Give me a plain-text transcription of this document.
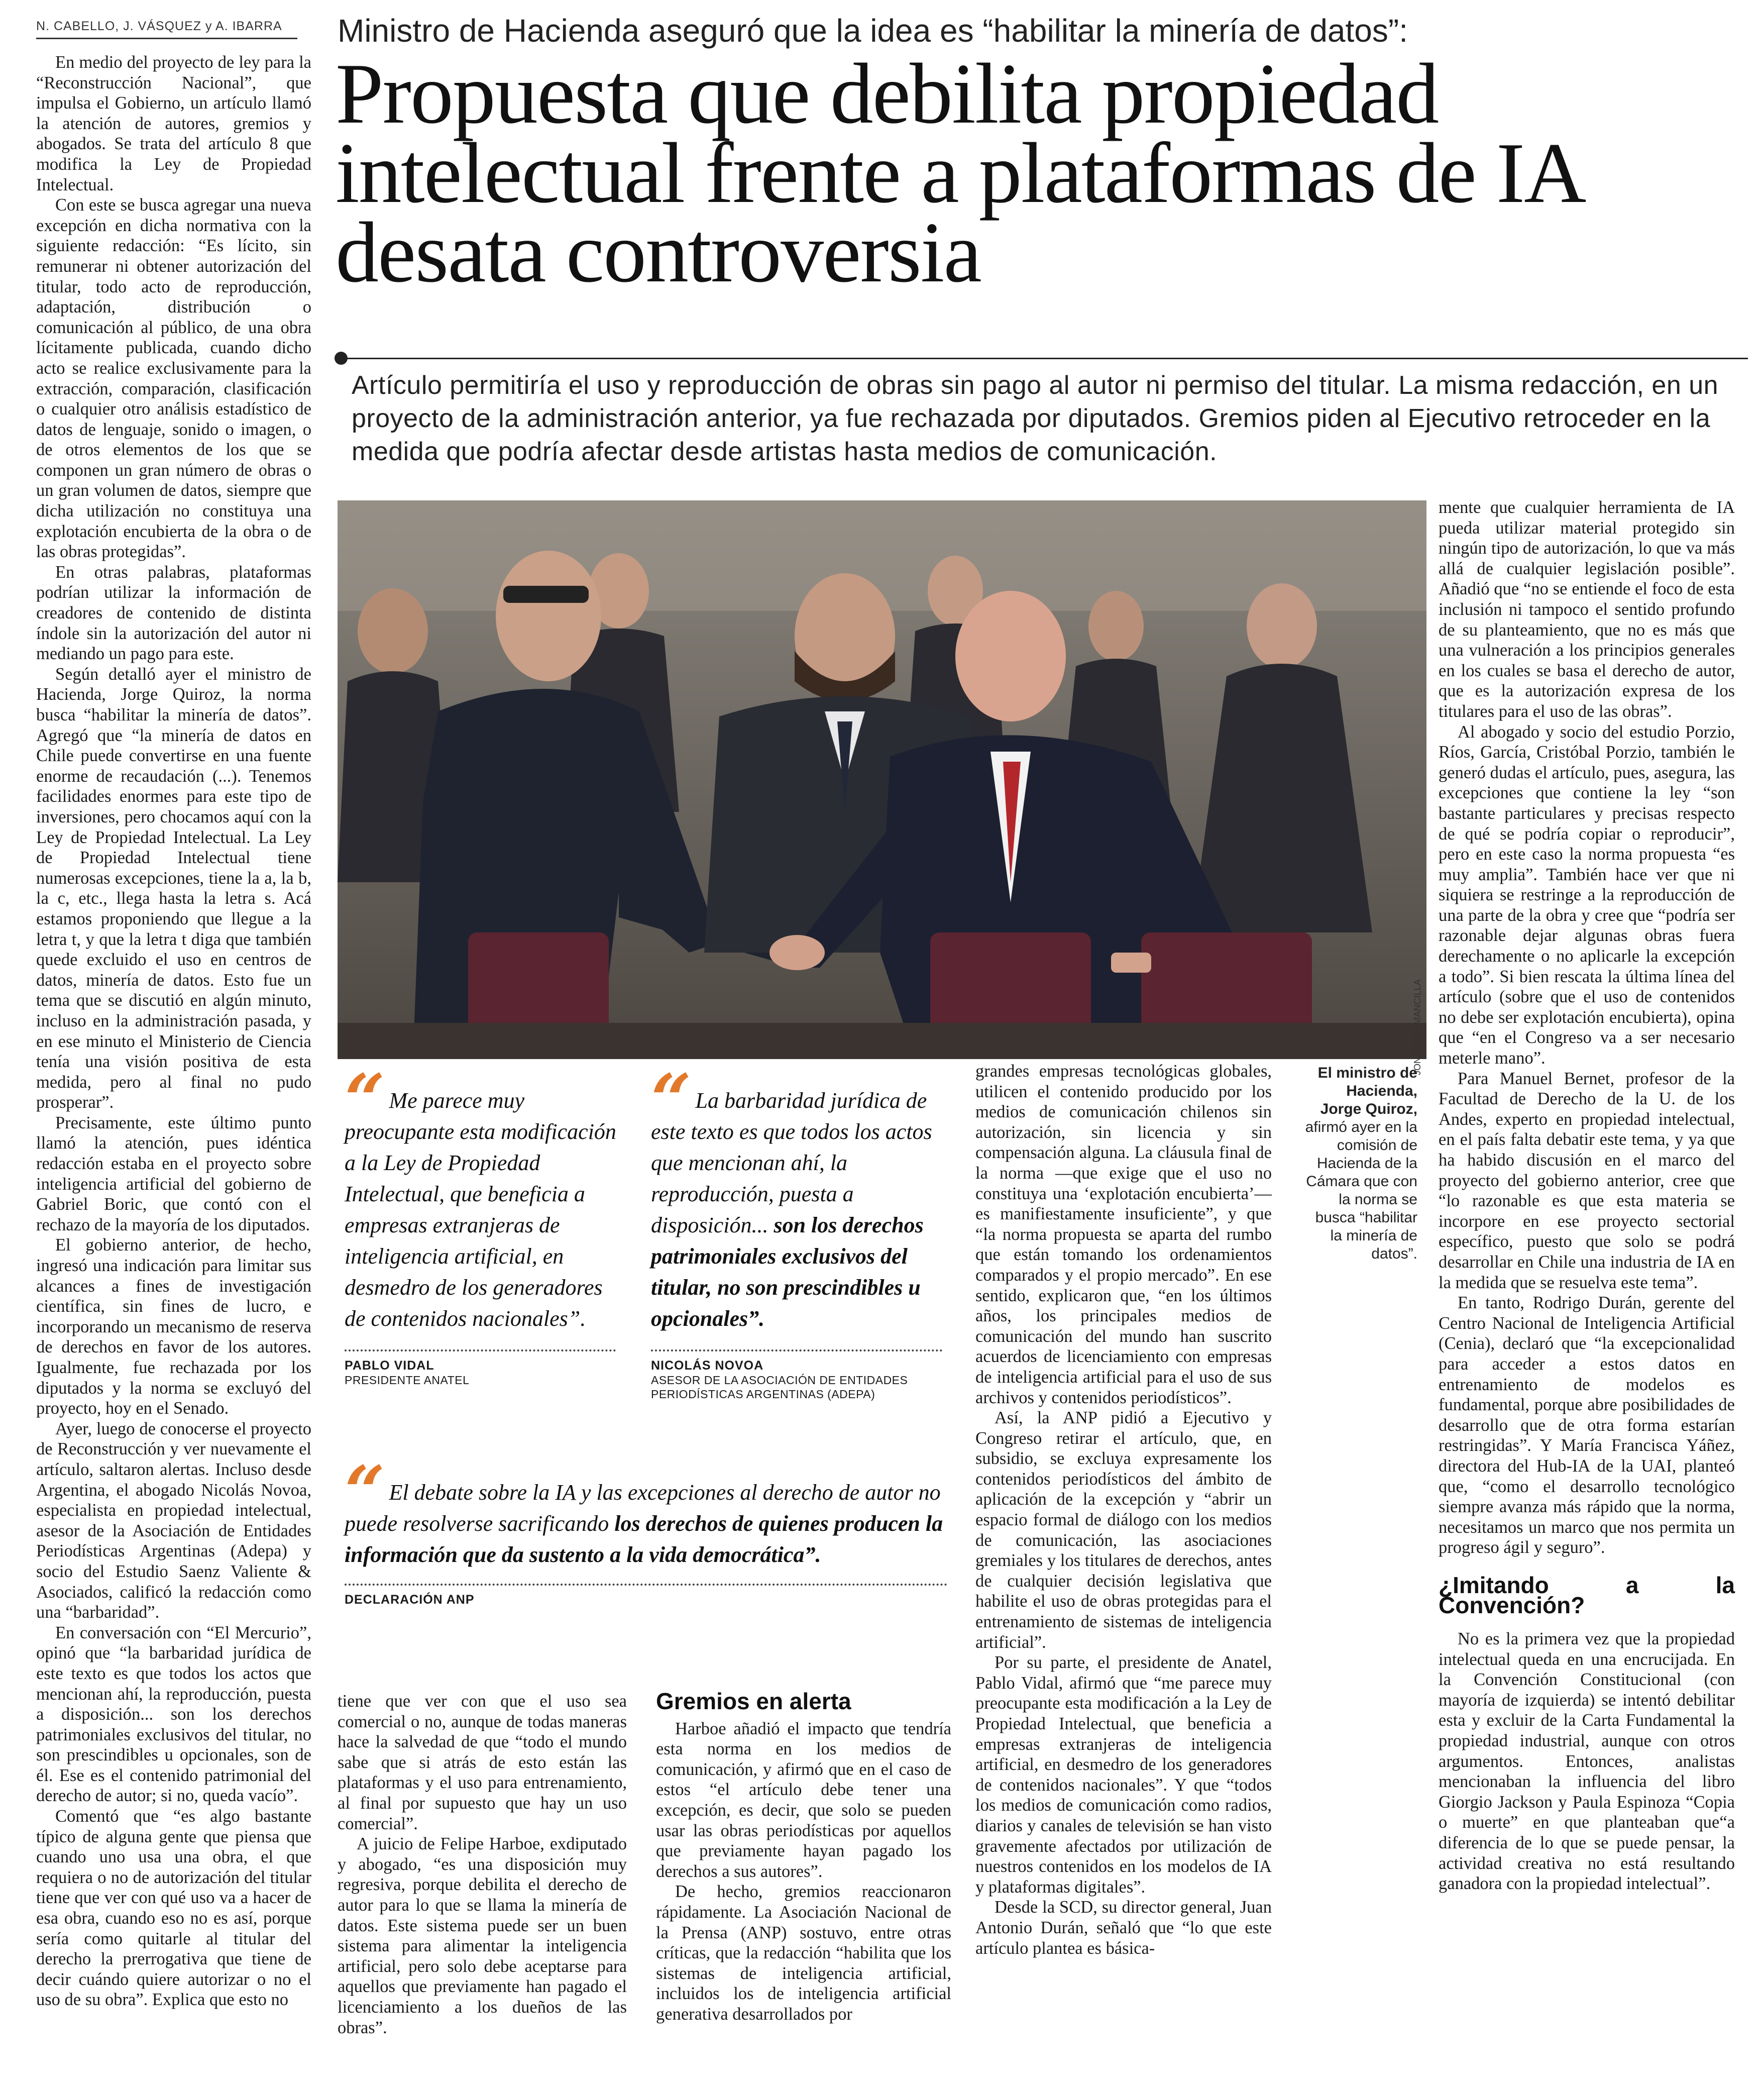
N. CABELLO, J. VÁSQUEZ y A. IBARRA	Ministro de Hacienda aseguró que la idea es “habilitar la minería de datos”:
Propuesta que debilita propiedad intelectual frente a plataformas de IA desata controversia
Artículo permitiría el uso y reproducción de obras sin pago al autor ni permiso del titular. La misma redacción, en un proyecto de la administración anterior, ya fue rechazada por diputados. Gremios piden al Ejecutivo retroceder en la medida que podría afectar desde artistas hasta medios de comunicación.

En medio del proyecto de ley para la “Reconstrucción Nacional”, que impulsa el Gobierno, un artículo llamó la atención de autores, gremios y abogados. Se trata del artículo 8 que modifica la Ley de Propiedad Intelectual.

Con este se busca agregar una nueva excepción en dicha normativa con la siguiente redacción: “Es lícito, sin remunerar ni obtener autorización del titular, todo acto de reproducción, adaptación, distribución o comunicación al público, de una obra lícitamente publicada, cuando dicho acto se realice exclusivamente para la extracción, comparación, clasificación o cualquier otro análisis estadístico de datos de lenguaje, sonido o imagen, o de otros elementos de los que se componen un gran número de obras o un gran volumen de datos, siempre que dicha utilización no constituya una explotación encubierta de la obra o de las obras protegidas”.

En otras palabras, plataformas podrían utilizar la información de creadores de contenido de distinta índole sin la autorización del autor ni mediando un pago para este.

Según detalló ayer el ministro de Hacienda, Jorge Quiroz, la norma busca “habilitar la minería de datos”. Agregó que “la minería de datos en Chile puede convertirse en una fuente enorme de recaudación (...). Tenemos facilidades enormes para este tipo de inversiones, pero chocamos aquí con la Ley de Propiedad Intelectual. La Ley de Propiedad Intelectual tiene numerosas excepciones, tiene la a, la b, la c, etc., llega hasta la letra s. Acá estamos proponiendo que llegue a la letra t, y que la letra t diga que también quede excluido el uso en centros de datos, minería de datos. Esto fue un tema que se discutió en algún minuto, incluso en la administración pasada, y en ese minuto el Ministerio de Ciencia tenía una visión positiva de esta medida, pero al final no pudo prosperar”.

Precisamente, este último punto llamó la atención, pues idéntica redacción estaba en el proyecto sobre inteligencia artificial del gobierno de Gabriel Boric, que contó con el rechazo de la mayoría de los diputados.

El gobierno anterior, de hecho, ingresó una indicación para limitar sus alcances a fines de investigación científica, sin fines de lucro, e incorporando un mecanismo de reserva de derechos en favor de los autores. Igualmente, fue rechazada por los diputados y la norma se excluyó del proyecto, hoy en el Senado.

Ayer, luego de conocerse el proyecto de Reconstrucción y ver nuevamente el artículo, saltaron alertas. Incluso desde Argentina, el abogado Nicolás Novoa, especialista en propiedad intelectual, asesor de la Asociación de Entidades Periodísticas Argentinas (Adepa) y socio del Estudio Saenz Valiente & Asociados, calificó la redacción como una “barbaridad”.

En conversación con “El Mercurio”, opinó que “la barbaridad jurídica de este texto es que todos los actos que mencionan ahí, la reproducción, puesta a disposición... son los derechos patrimoniales exclusivos del titular, no son prescindibles u opcionales, son de él. Ese es el contenido patrimonial del derecho de autor; si no, queda vacío”.

Comentó que “es algo bastante típico de alguna gente que piensa que cuando uno usa una obra, el que requiera o no de autorización del titular tiene que ver con qué uso va a hacer de esa obra, cuando eso no es así, porque sería como quitarle al titular del derecho la prerrogativa que tiene de decir cuándo quiere autorizar o no el uso de su obra”. Explica que esto no

JONATHAN MANCILLA
El ministro de Hacienda, Jorge Quiroz, afirmó ayer en la comisión de Hacienda de la Cámara que con la norma se busca “habilitar la minería de datos”.
“ Me parece muy preocupante esta modificación a la Ley de Propiedad Intelectual, que beneficia a empresas extranjeras de inteligencia artificial, en desmedro de los generadores de contenidos nacionales”.
PABLO VIDAL
PRESIDENTE ANATEL
“ La barbaridad jurídica de este texto es que todos los actos que mencionan ahí, la reproducción, puesta a disposición... son los derechos patrimoniales exclusivos del titular, no son prescindibles u opcionales”.
NICOLÁS NOVOA
ASESOR DE LA ASOCIACIÓN DE ENTIDADES PERIODÍSTICAS ARGENTINAS (ADEPA)
“ El debate sobre la IA y las excepciones al derecho de autor no puede resolverse sacrificando los derechos de quienes producen la información que da sustento a la vida democrática”.
DECLARACIÓN ANP

tiene que ver con que el uso sea comercial o no, aunque de todas maneras hace la salvedad de que “todo el mundo sabe que si atrás de esto están las plataformas y el uso para entrenamiento, al final por supuesto que hay un uso comercial”.

A juicio de Felipe Harboe, exdiputado y abogado, “es una disposición muy regresiva, porque debilita el derecho de autor para lo que se llama la minería de datos. Este sistema puede ser un buen sistema para alimentar la inteligencia artificial, pero solo debe aceptarse para aquellos que previamente han pagado el licenciamiento a los dueños de las obras”.

Gremios en alerta

Harboe añadió el impacto que tendría esta norma en los medios de comunicación, y afirmó que en el caso de estos “el artículo debe tener una excepción, es decir, que solo se pueden usar las obras periodísticas por aquellos que previamente hayan pagado los derechos a sus autores”.

De hecho, gremios reaccionaron rápidamente. La Asociación Nacional de la Prensa (ANP) sostuvo, entre otras críticas, que la redacción “habilita que los sistemas de inteligencia artificial, incluidos los de inteligencia artificial generativa desarrollados por

grandes empresas tecnológicas globales, utilicen el contenido producido por los medios de comunicación chilenos sin autorización, sin licencia y sin compensación alguna. La cláusula final de la norma —que exige que el uso no constituya una ‘explotación encubierta’— es manifiestamente insuficiente”, y que “la norma propuesta se aparta del rumbo que están tomando los ordenamientos comparados y el propio mercado”. En ese sentido, explicaron que, “en los últimos años, los principales medios de comunicación del mundo han suscrito acuerdos de licenciamiento con empresas de inteligencia artificial para el uso de sus archivos y contenidos periodísticos”.

Así, la ANP pidió a Ejecutivo y Congreso retirar el artículo, que, en subsidio, se excluya expresamente los contenidos periodísticos del ámbito de aplicación de la excepción y “abrir un espacio formal de diálogo con los medios de comunicación, las asociaciones gremiales y los titulares de derechos, antes de cualquier decisión legislativa que habilite el uso de obras protegidas para el entrenamiento de sistemas de inteligencia artificial”.

Por su parte, el presidente de Anatel, Pablo Vidal, afirmó que “me parece muy preocupante esta modificación a la Ley de Propiedad Intelectual, que beneficia a empresas extranjeras de inteligencia artificial, en desmedro de los generadores de contenidos nacionales”. Y que “todos los medios de comunicación como radios, diarios y canales de televisión se han visto gravemente afectados por utilización de nuestros contenidos en los modelos de IA y plataformas digitales”.

Desde la SCD, su director general, Juan Antonio Durán, señaló que “lo que este artículo plantea es básica-

mente que cualquier herramienta de IA pueda utilizar material protegido sin ningún tipo de autorización, lo que va más allá de cualquier legislación posible”. Añadió que “no se entiende el foco de esta inclusión ni tampoco el sentido profundo de su planteamiento, que no es más que una vulneración a los principios generales en los cuales se basa el derecho de autor, que es la autorización expresa de los titulares para el uso de las obras”.

Al abogado y socio del estudio Porzio, Ríos, García, Cristóbal Porzio, también le generó dudas el artículo, pues, asegura, las excepciones que contiene la ley “son bastante particulares y precisas respecto de qué se podría copiar o reproducir”, pero en este caso la norma propuesta “es muy amplia”. También hace ver que ni siquiera se restringe a la reproducción de una parte de la obra y cree que “podría ser razonable dejar algunas obras fuera derechamente o no aplicarle la excepción a todo”. Si bien rescata la última línea del artículo (sobre que el uso de contenidos no debe ser explotación encubierta), opina que “en el Congreso va a ser necesario meterle mano”.

Para Manuel Bernet, profesor de la Facultad de Derecho de la U. de los Andes, experto en propiedad intelectual, en el país falta debatir este tema, y ya que ha habido discusión en el marco del proyecto del gobierno anterior, cree que “lo razonable es que esta materia se incorpore en ese proyecto sectorial específico, puesto que solo se podrá desarrollar en Chile una industria de IA en la medida que se resuelva este tema”.

En tanto, Rodrigo Durán, gerente del Centro Nacional de Inteligencia Artificial (Cenia), declaró que “la excepcionalidad para acceder a estos datos en entrenamiento de modelos es fundamental, porque abre posibilidades de desarrollo que de otra forma estarían restringidas”. Y María Francisca Yáñez, directora del Hub-IA de la UAI, planteó que, “como el desarrollo tecnológico siempre avanza más rápido que la norma, necesitamos un marco que nos permita un progreso ágil y seguro”.

¿Imitando a la Convención?

No es la primera vez que la propiedad intelectual queda en una encrucijada. En la Convención Constitucional (con mayoría de izquierda) se intentó debilitar esta y excluir de la Carta Fundamental la propiedad industrial, aunque con otros argumentos. Entonces, analistas mencionaban la influencia del libro Giorgio Jackson y Paula Espinoza “Copia o muerte” en que planteaban que“a diferencia de lo que se puede pensar, la actividad creativa no está resultando ganadora con la propiedad intelectual”.
